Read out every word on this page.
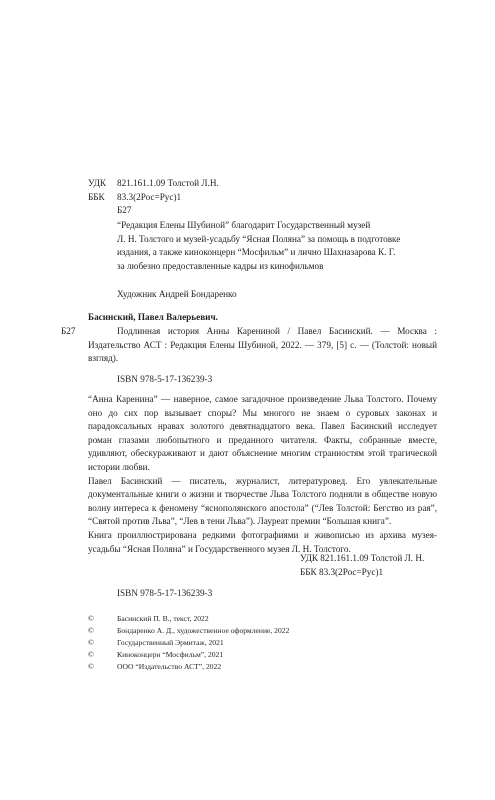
УДК	821.161.1.09 Толстой Л.Н.
ББК	83.3(2Рос=Рус)1
Б27
“Редакция Елены Шубиной” благодарит Государственный музей
Л. Н. Толстого и музей-усадьбу “Ясная Поляна” за помощь в подготовке
издания, а также киноконцерн “Мосфильм” и лично Шахназарова К. Г.
за любезно предоставленные кадры из кинофильмов
Художник Андрей Бондаренко
Басинский, Павел Валерьевич.
Б27	Подлинная история Анны Карениной / Павел Басинский. — Москва : Издательство АСТ : Редакция Елены Шубиной, 2022. — 379, [5] с. — (Толстой: новый взгляд).
ISBN 978-5-17-136239-3

“Анна Каренина” — наверное, самое загадочное произведение Льва Толстого. Почему оно до сих пор вызывает споры? Мы многого не знаем о суровых законах и парадоксальных нравах золотого девятнадцатого века. Павел Басинский исследует роман глазами любопытного и преданного читателя. Факты, собранные вместе, удивляют, обескураживают и дают объяснение многим странностям этой трагической истории любви.

Павел Басинский — писатель, журналист, литературовед. Его увлекательные документальные книги о жизни и творчестве Льва Толстого подняли в обществе новую волну интереса к феномену “яснополянского апостола” (“Лев Толстой: Бегство из рая”, “Святой против Льва”, “Лев в тени Льва”). Лауреат премии “Большая книга”.

Книга проиллюстрирована редкими фотографиями и живописью из архива музея-усадьбы “Ясная Поляна” и Государственного музея Л. Н. Толстого.

УДК 821.161.1.09 Толстой Л. Н.
ББК 83.3(2Рос=Рус)1
ISBN 978-5-17-136239-3
©	Басинский П. В., текст, 2022
©	Бондаренко А. Д., художественное оформление, 2022
©	Государственный Эрмитаж, 2021
©	Киноконцерн “Мосфильм”, 2021
©	ООО “Издательство АСТ”, 2022
